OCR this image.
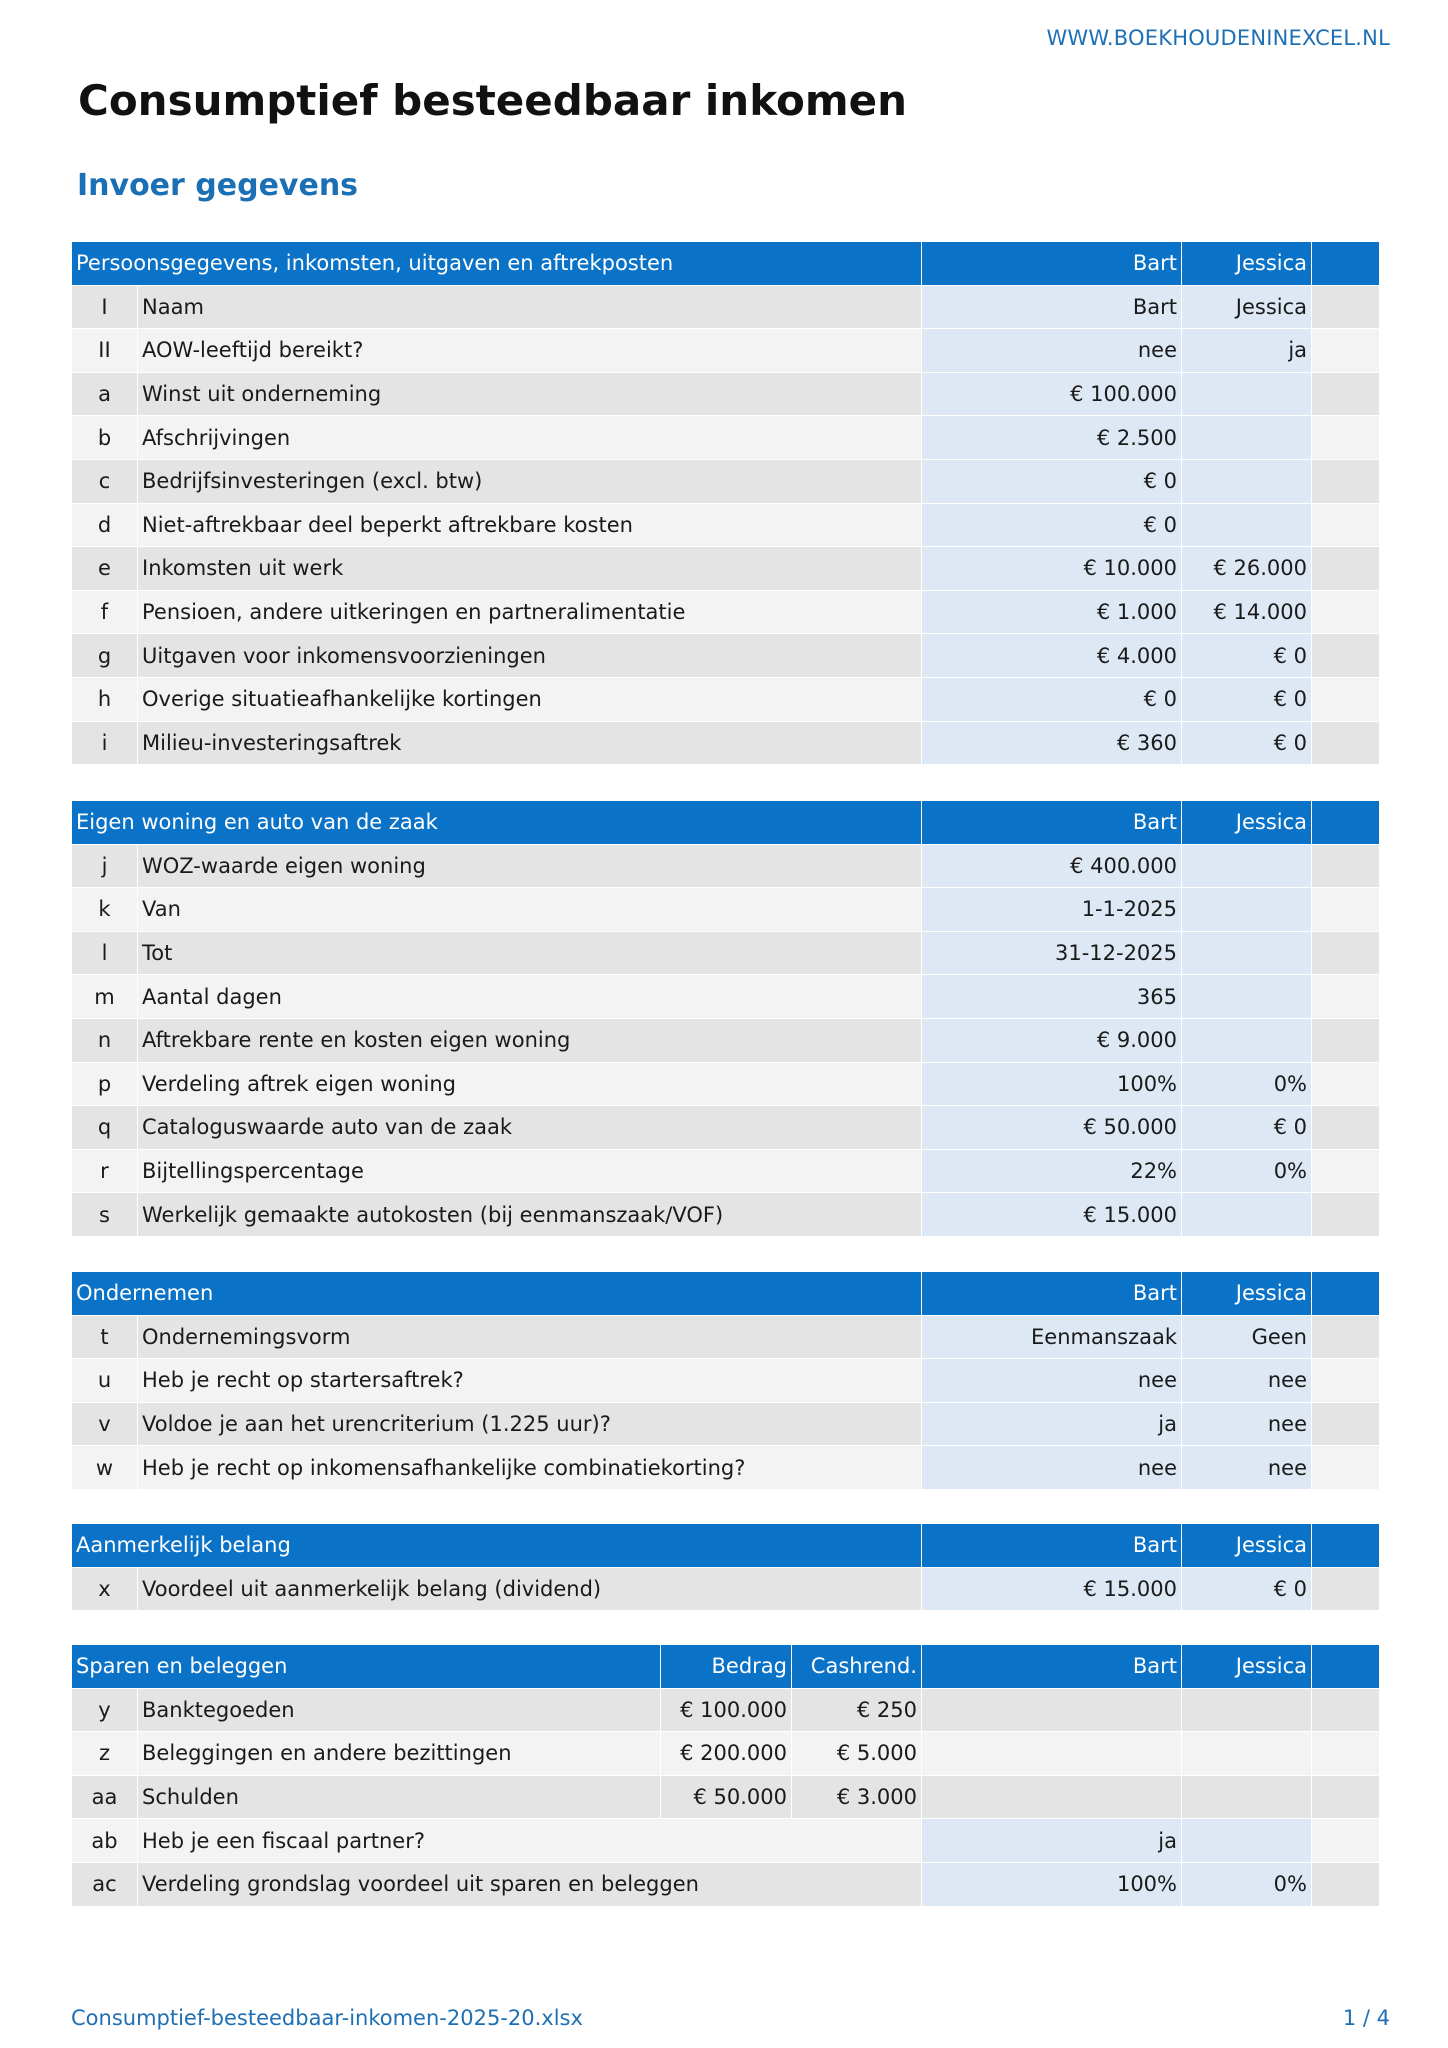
WWW.BOEKHOUDENINEXCEL.NL
Consumptief besteedbaar inkomen
Invoer gegevens
Persoonsgegevens, inkomsten, uitgaven en aftrekposten		Bart	Jessica	
I	Naam	Bart	Jessica	
II	AOW-leeftijd bereikt?	nee	ja	
a	Winst uit onderneming	€ 100.000		
b	Afschrijvingen	€ 2.500		
c	Bedrijfsinvesteringen (excl. btw)	€ 0		
d	Niet-aftrekbaar deel beperkt aftrekbare kosten	€ 0		
e	Inkomsten uit werk	€ 10.000	€ 26.000	
f	Pensioen, andere uitkeringen en partneralimentatie	€ 1.000	€ 14.000	
g	Uitgaven voor inkomensvoorzieningen	€ 4.000	€ 0	
h	Overige situatieafhankelijke kortingen	€ 0	€ 0	
i	Milieu-investeringsaftrek	€ 360	€ 0	
Eigen woning en auto van de zaak		Bart	Jessica	
j	WOZ-waarde eigen woning	€ 400.000		
k	Van	1-1-2025		
l	Tot	31-12-2025		
m	Aantal dagen	365		
n	Aftrekbare rente en kosten eigen woning	€ 9.000		
p	Verdeling aftrek eigen woning	100%	0%	
q	Cataloguswaarde auto van de zaak	€ 50.000	€ 0	
r	Bijtellingspercentage	22%	0%	
s	Werkelijk gemaakte autokosten (bij eenmanszaak/VOF)	€ 15.000		
Ondernemen		Bart	Jessica	
t	Ondernemingsvorm	Eenmanszaak	Geen	
u	Heb je recht op startersaftrek?	nee	nee	
v	Voldoe je aan het urencriterium (1.225 uur)?	ja	nee	
w	Heb je recht op inkomensafhankelijke combinatiekorting?	nee	nee	
Aanmerkelijk belang		Bart	Jessica	
x	Voordeel uit aanmerkelijk belang (dividend)	€ 15.000	€ 0	
Sparen en beleggen		Bedrag	Cashrend.	Bart	Jessica	
y	Banktegoeden	€ 100.000	€ 250			
z	Beleggingen en andere bezittingen	€ 200.000	€ 5.000			
aa	Schulden	€ 50.000	€ 3.000			
ab	Heb je een fiscaal partner?			ja		
ac	Verdeling grondslag voordeel uit sparen en beleggen			100%	0%	
Consumptief-besteedbaar-inkomen-2025-20.xlsx	1 / 4
